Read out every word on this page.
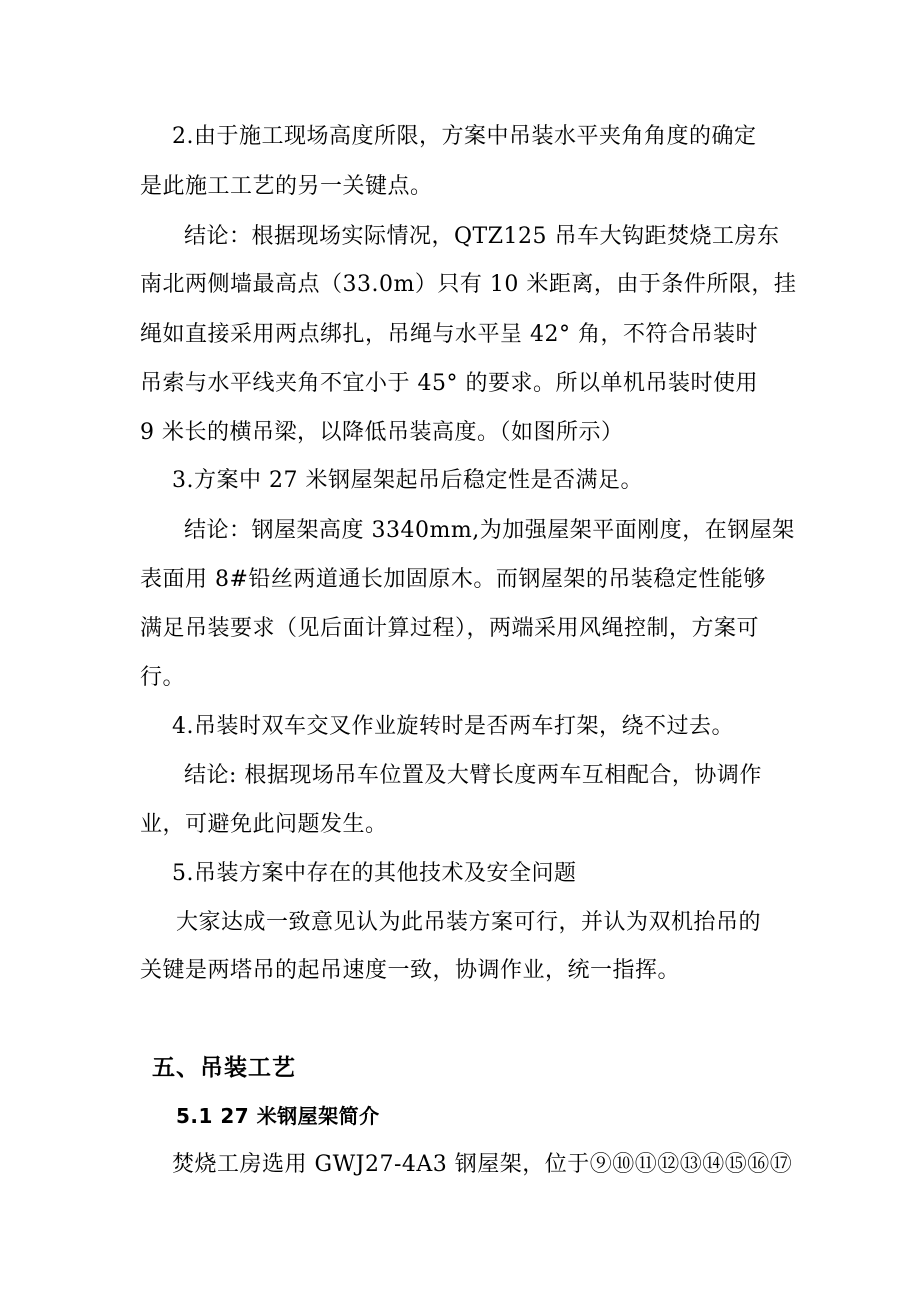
2.由于施工现场高度所限，方案中吊装水平夹角角度的确定
是此施工工艺的另一关键点。
结论：根据现场实际情况，QTZ125 吊车大钩距焚烧工房东
南北两侧墙最高点（33.0m）只有 10 米距离，由于条件所限，挂
绳如直接采用两点绑扎，吊绳与水平呈 42° 角，不符合吊装时
吊索与水平线夹角不宜小于 45° 的要求。所以单机吊装时使用
9 米长的横吊梁，以降低吊装高度。（如图所示）
3.方案中 27 米钢屋架起吊后稳定性是否满足。
结论：钢屋架高度 3340mm,为加强屋架平面刚度，在钢屋架
表面用 8#铅丝两道通长加固原木。而钢屋架的吊装稳定性能够
满足吊装要求（见后面计算过程），两端采用风绳控制，方案可
行。
4.吊装时双车交叉作业旋转时是否两车打架，绕不过去。
结论: 根据现场吊车位置及大臂长度两车互相配合，协调作
业，可避免此问题发生。
5.吊装方案中存在的其他技术及安全问题
大家达成一致意见认为此吊装方案可行，并认为双机抬吊的
关键是两塔吊的起吊速度一致，协调作业，统一指挥。
五、吊装工艺
5.1 27 米钢屋架简介
焚烧工房选用 GWJ27-4A3 钢屋架，位于⑨⑩⑪⑫⑬⑭⑮⑯⑰
